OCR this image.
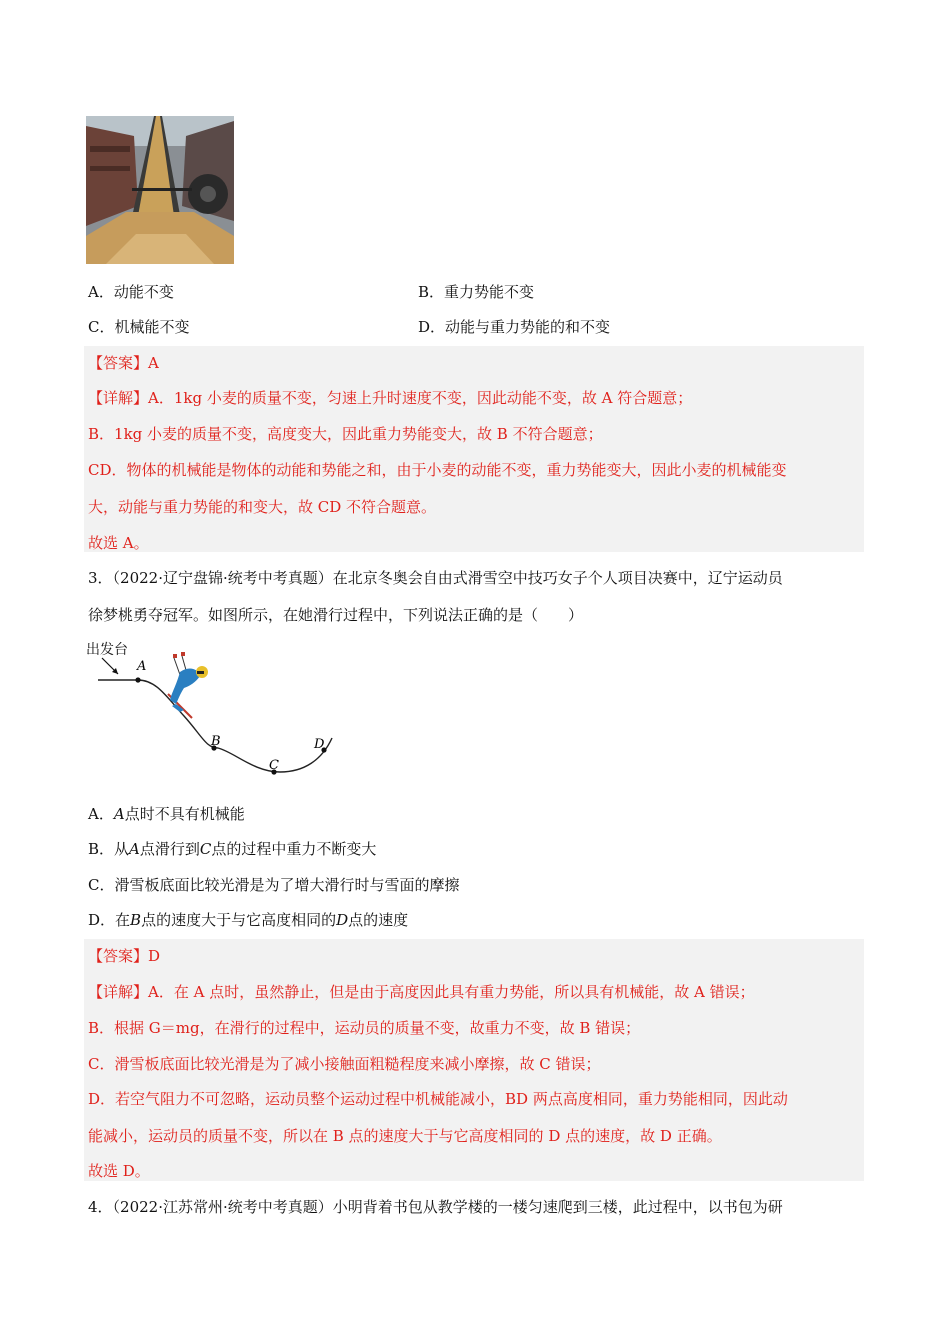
A．动能不变	B．重力势能不变
C．机械能不变	D．动能与重力势能的和不变
【答案】A
【详解】A．1kg 小麦的质量不变，匀速上升时速度不变，因此动能不变，故 A 符合题意；
B．1kg 小麦的质量不变，高度变大，因此重力势能变大，故 B 不符合题意；
CD．物体的机械能是物体的动能和势能之和，由于小麦的动能不变，重力势能变大，因此小麦的机械能变
大，动能与重力势能的和变大，故 CD 不符合题意。
故选 A。
3．（2022·辽宁盘锦·统考中考真题）在北京冬奥会自由式滑雪空中技巧女子个人项目决赛中，辽宁运动员
徐梦桃勇夺冠军。如图所示，在她滑行过程中，下列说法正确的是（　　）
出发台
A
B
C
D
A．A点时不具有机械能
B．从A点滑行到C点的过程中重力不断变大
C．滑雪板底面比较光滑是为了增大滑行时与雪面的摩擦
D．在B点的速度大于与它高度相同的D点的速度
【答案】D
【详解】A．在 A 点时，虽然静止，但是由于高度因此具有重力势能，所以具有机械能，故 A 错误；
B．根据 G＝mg，在滑行的过程中，运动员的质量不变，故重力不变，故 B 错误；
C．滑雪板底面比较光滑是为了减小接触面粗糙程度来减小摩擦，故 C 错误；
D．若空气阻力不可忽略，运动员整个运动过程中机械能减小，BD 两点高度相同，重力势能相同，因此动
能减小，运动员的质量不变，所以在 B 点的速度大于与它高度相同的 D 点的速度，故 D 正确。
故选 D。
4．（2022·江苏常州·统考中考真题）小明背着书包从教学楼的一楼匀速爬到三楼，此过程中，以书包为研
